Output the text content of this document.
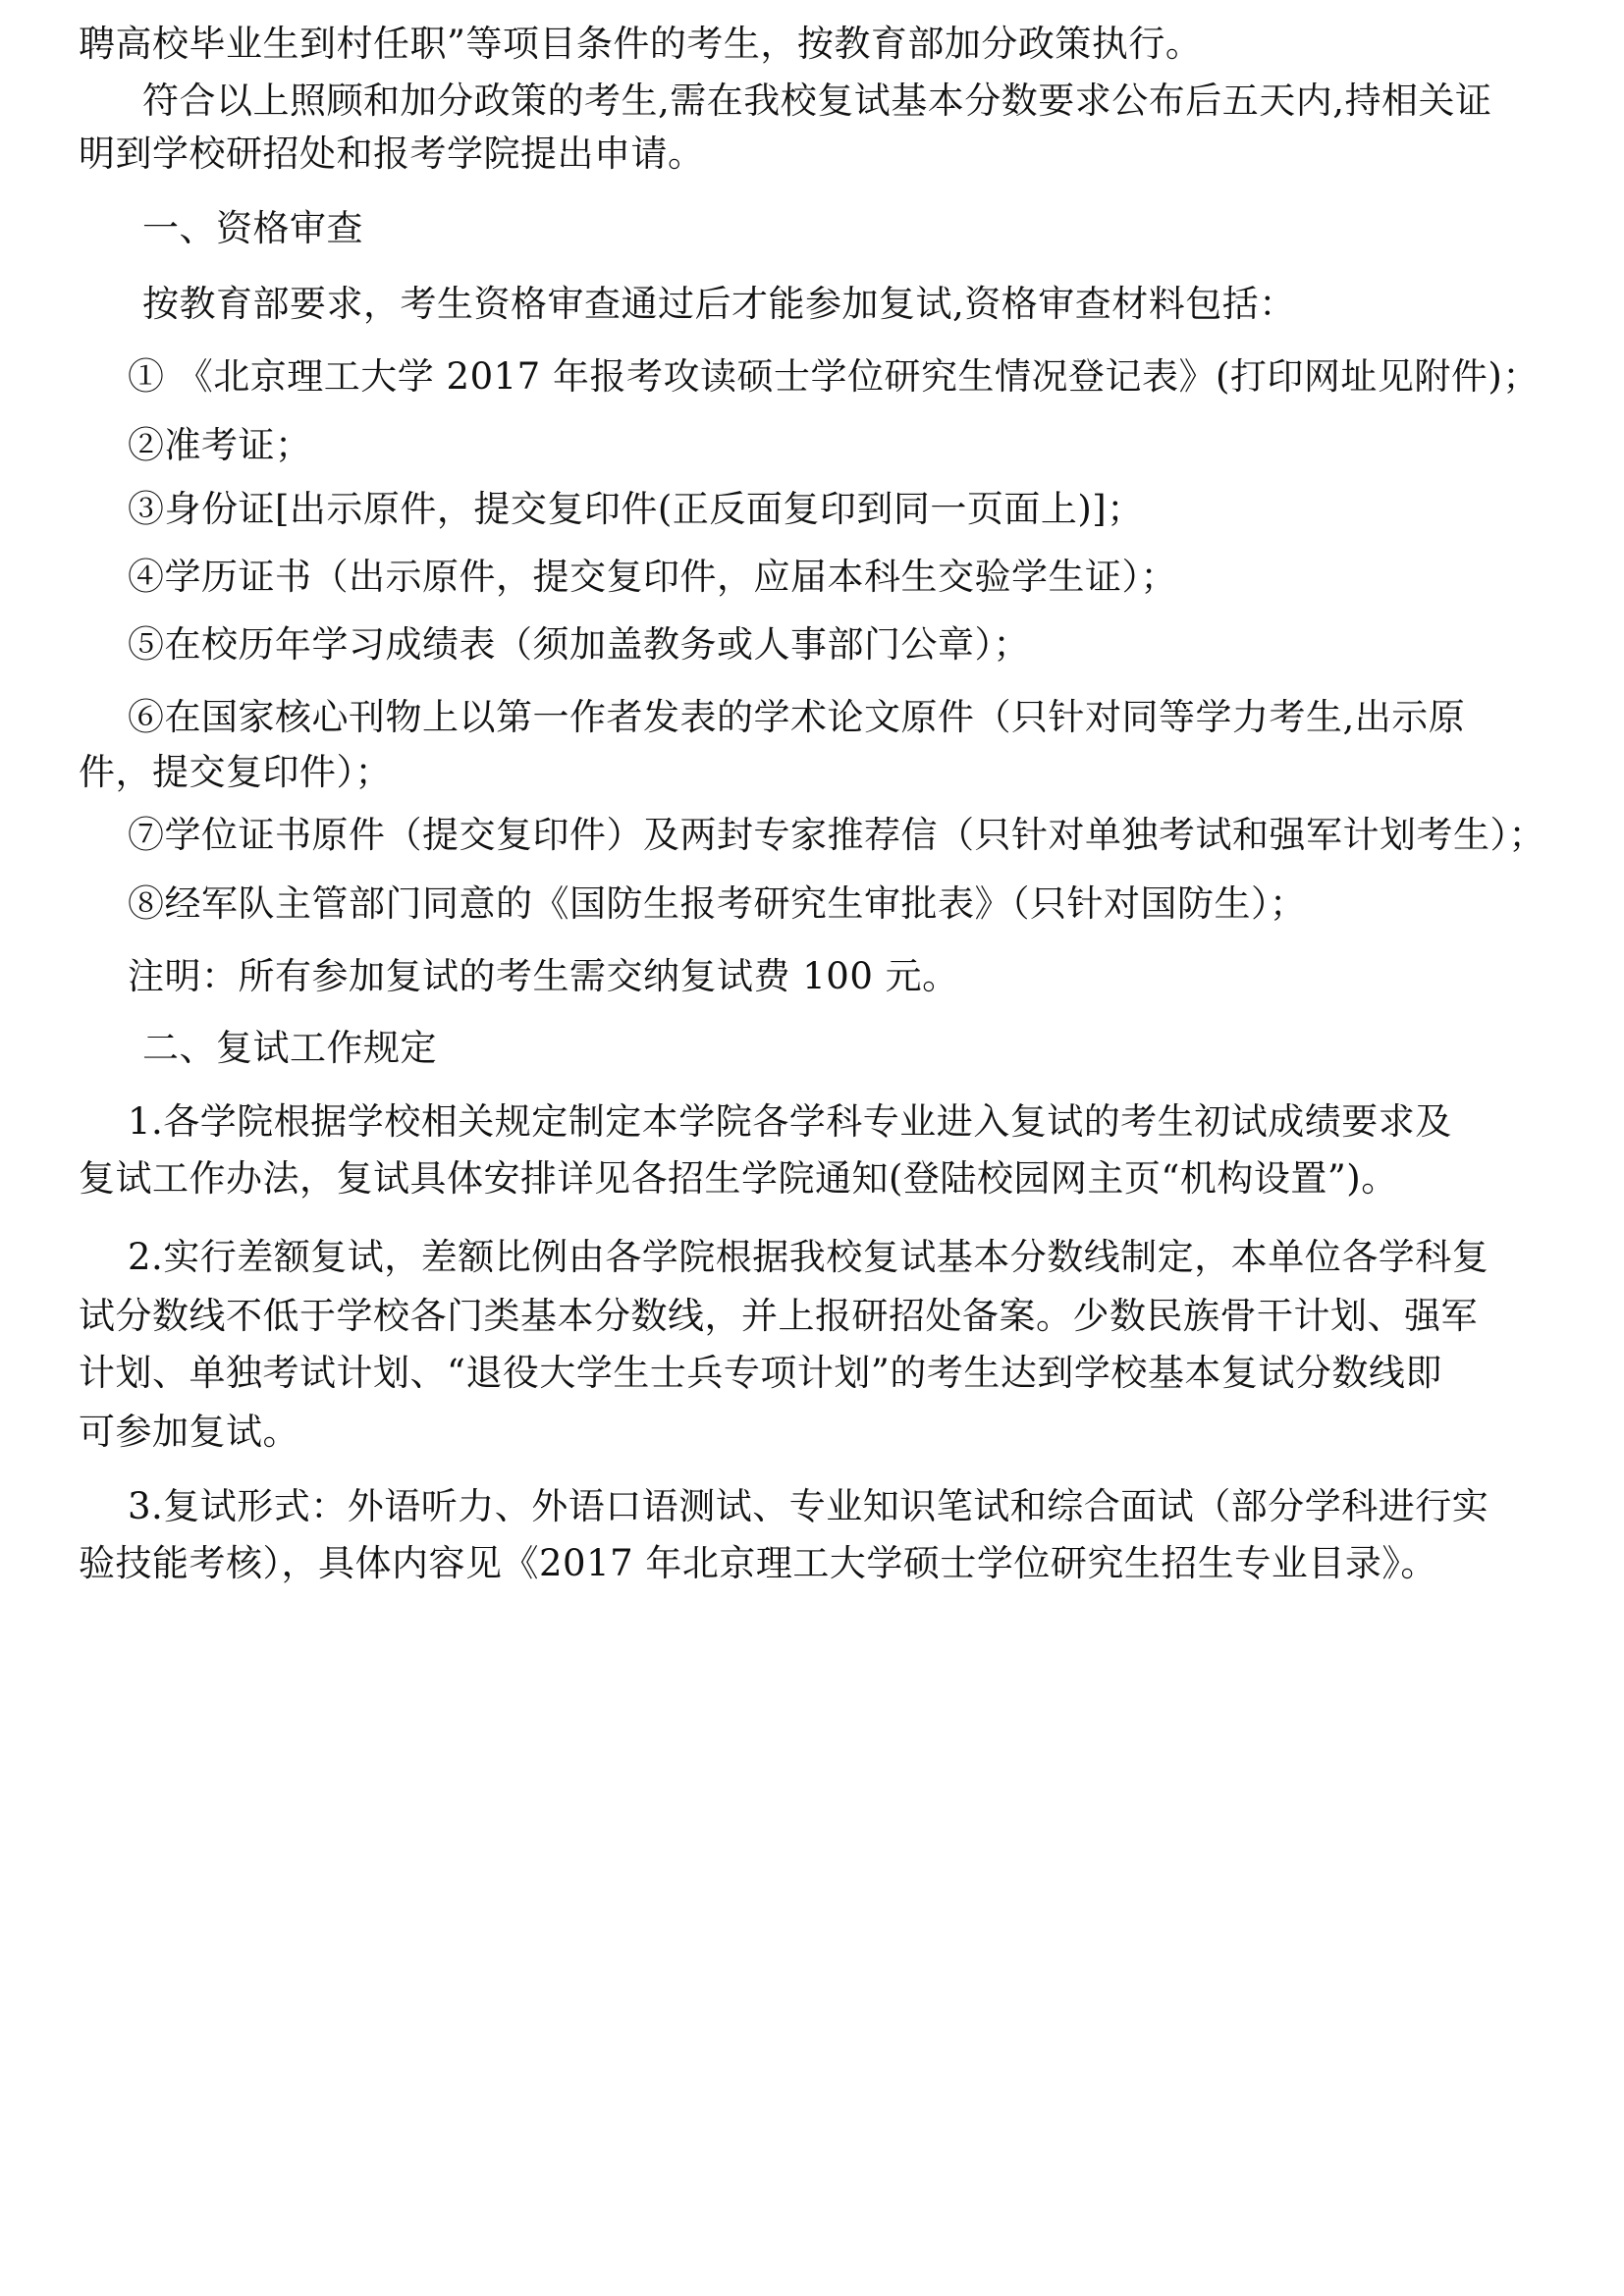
聘高校毕业生到村任职”等项目条件的考生，按教育部加分政策执行。
符合以上照顾和加分政策的考生,需在我校复试基本分数要求公布后五天内,持相关证
明到学校研招处和报考学院提出申请。
一、资格审查
按教育部要求，考生资格审查通过后才能参加复试,资格审查材料包括：
① 《北京理工大学 2017 年报考攻读硕士学位研究生情况登记表》(打印网址见附件)；
②准考证；
③身份证[出示原件，提交复印件(正反面复印到同一页面上)]；
④学历证书（出示原件，提交复印件，应届本科生交验学生证）；
⑤在校历年学习成绩表（须加盖教务或人事部门公章）；
⑥在国家核心刊物上以第一作者发表的学术论文原件（只针对同等学力考生,出示原
件，提交复印件）；
⑦学位证书原件（提交复印件）及两封专家推荐信（只针对单独考试和强军计划考生）；
⑧经军队主管部门同意的《国防生报考研究生审批表》（只针对国防生）；
注明：所有参加复试的考生需交纳复试费 100 元。
二、复试工作规定
1.各学院根据学校相关规定制定本学院各学科专业进入复试的考生初试成绩要求及
复试工作办法，复试具体安排详见各招生学院通知(登陆校园网主页“机构设置”)。
2.实行差额复试，差额比例由各学院根据我校复试基本分数线制定，本单位各学科复
试分数线不低于学校各门类基本分数线，并上报研招处备案。少数民族骨干计划、强军
计划、单独考试计划、“退役大学生士兵专项计划”的考生达到学校基本复试分数线即
可参加复试。
3.复试形式：外语听力、外语口语测试、专业知识笔试和综合面试（部分学科进行实
验技能考核），具体内容见《2017 年北京理工大学硕士学位研究生招生专业目录》。
